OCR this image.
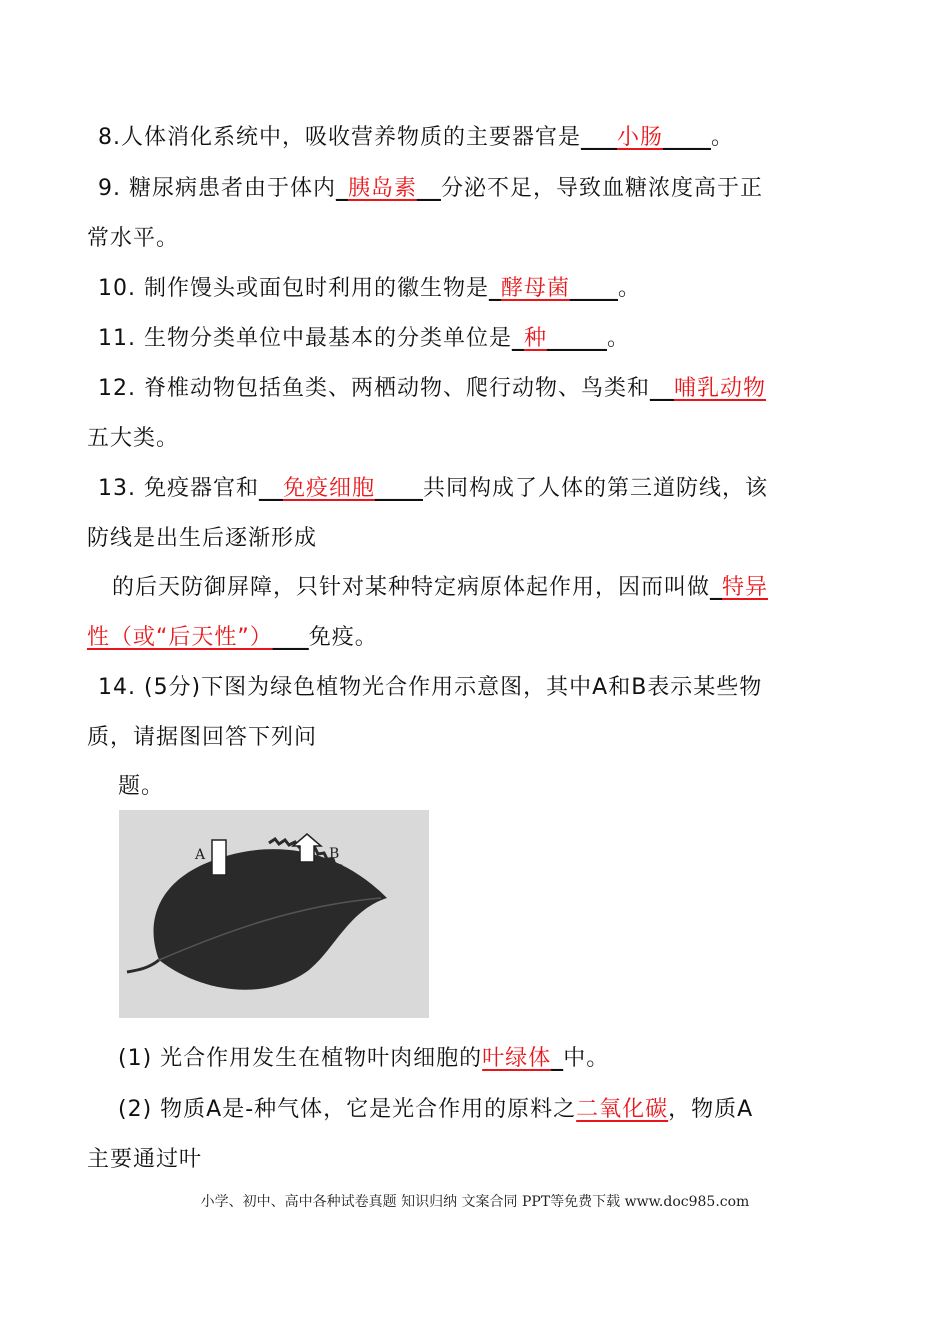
8.人体消化系统中，吸收营养物质的主要器官是___小肠____。
9. 糖尿病患者由于体内_胰岛素__分泌不足，导致血糖浓度高于正
常水平。
10. 制作馒头或面包时利用的徽生物是_酵母菌____。
11. 生物分类单位中最基本的分类单位是_种_____。
12. 脊椎动物包括鱼类、两栖动物、爬行动物、鸟类和__哺乳动物
五大类。
13. 免疫器官和__免疫细胞____共同构成了人体的第三道防线，该
防线是出生后逐渐形成
的后天防御屏障，只针对某种特定病原体起作用，因而叫做_特异
性（或“后天性”）___免疫。
14. (5分)下图为绿色植物光合作用示意图，其中A和B表示某些物
质，请据图回答下列问
题。
A	B
(1) 光合作用发生在植物叶肉细胞的叶绿体_中。
(2) 物质A是-种气体，它是光合作用的原料之二氧化碳，物质A
主要通过叶
小学、初中、高中各种试卷真题 知识归纳 文案合同 PPT等免费下载 www.doc985.com
